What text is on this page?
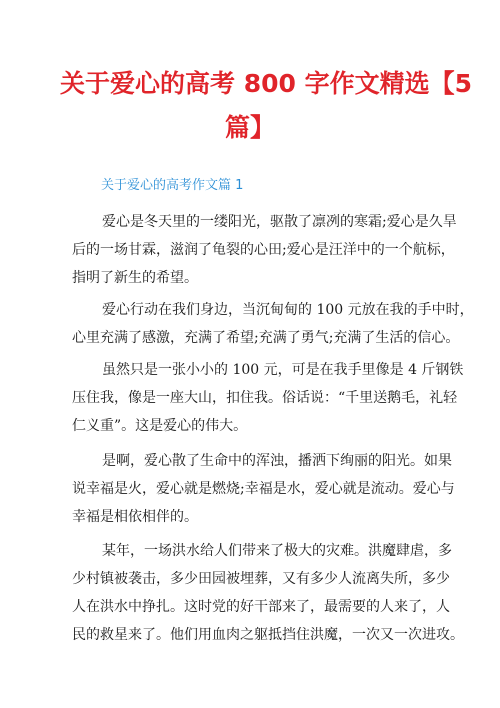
关于爱心的高考 800 字作文精选【5
篇】
关于爱心的高考作文篇 1
爱心是冬天里的一缕阳光，驱散了凛冽的寒霜;爱心是久旱
后的一场甘霖，滋润了龟裂的心田;爱心是汪洋中的一个航标，
指明了新生的希望。
爱心行动在我们身边，当沉甸甸的 100 元放在我的手中时，
心里充满了感激，充满了希望;充满了勇气;充满了生活的信心。
虽然只是一张小小的 100 元，可是在我手里像是 4 斤钢铁
压住我，像是一座大山，扣住我。俗话说：“千里送鹅毛，礼轻
仁义重”。这是爱心的伟大。
是啊，爱心散了生命中的浑浊，播洒下绚丽的阳光。如果
说幸福是火，爱心就是燃烧;幸福是水，爱心就是流动。爱心与
幸福是相依相伴的。
某年，一场洪水给人们带来了极大的灾难。洪魔肆虐，多
少村镇被袭击，多少田园被埋葬，又有多少人流离失所，多少
人在洪水中挣扎。这时党的好干部来了，最需要的人来了，人
民的救星来了。他们用血肉之躯抵挡住洪魔，一次又一次进攻。
